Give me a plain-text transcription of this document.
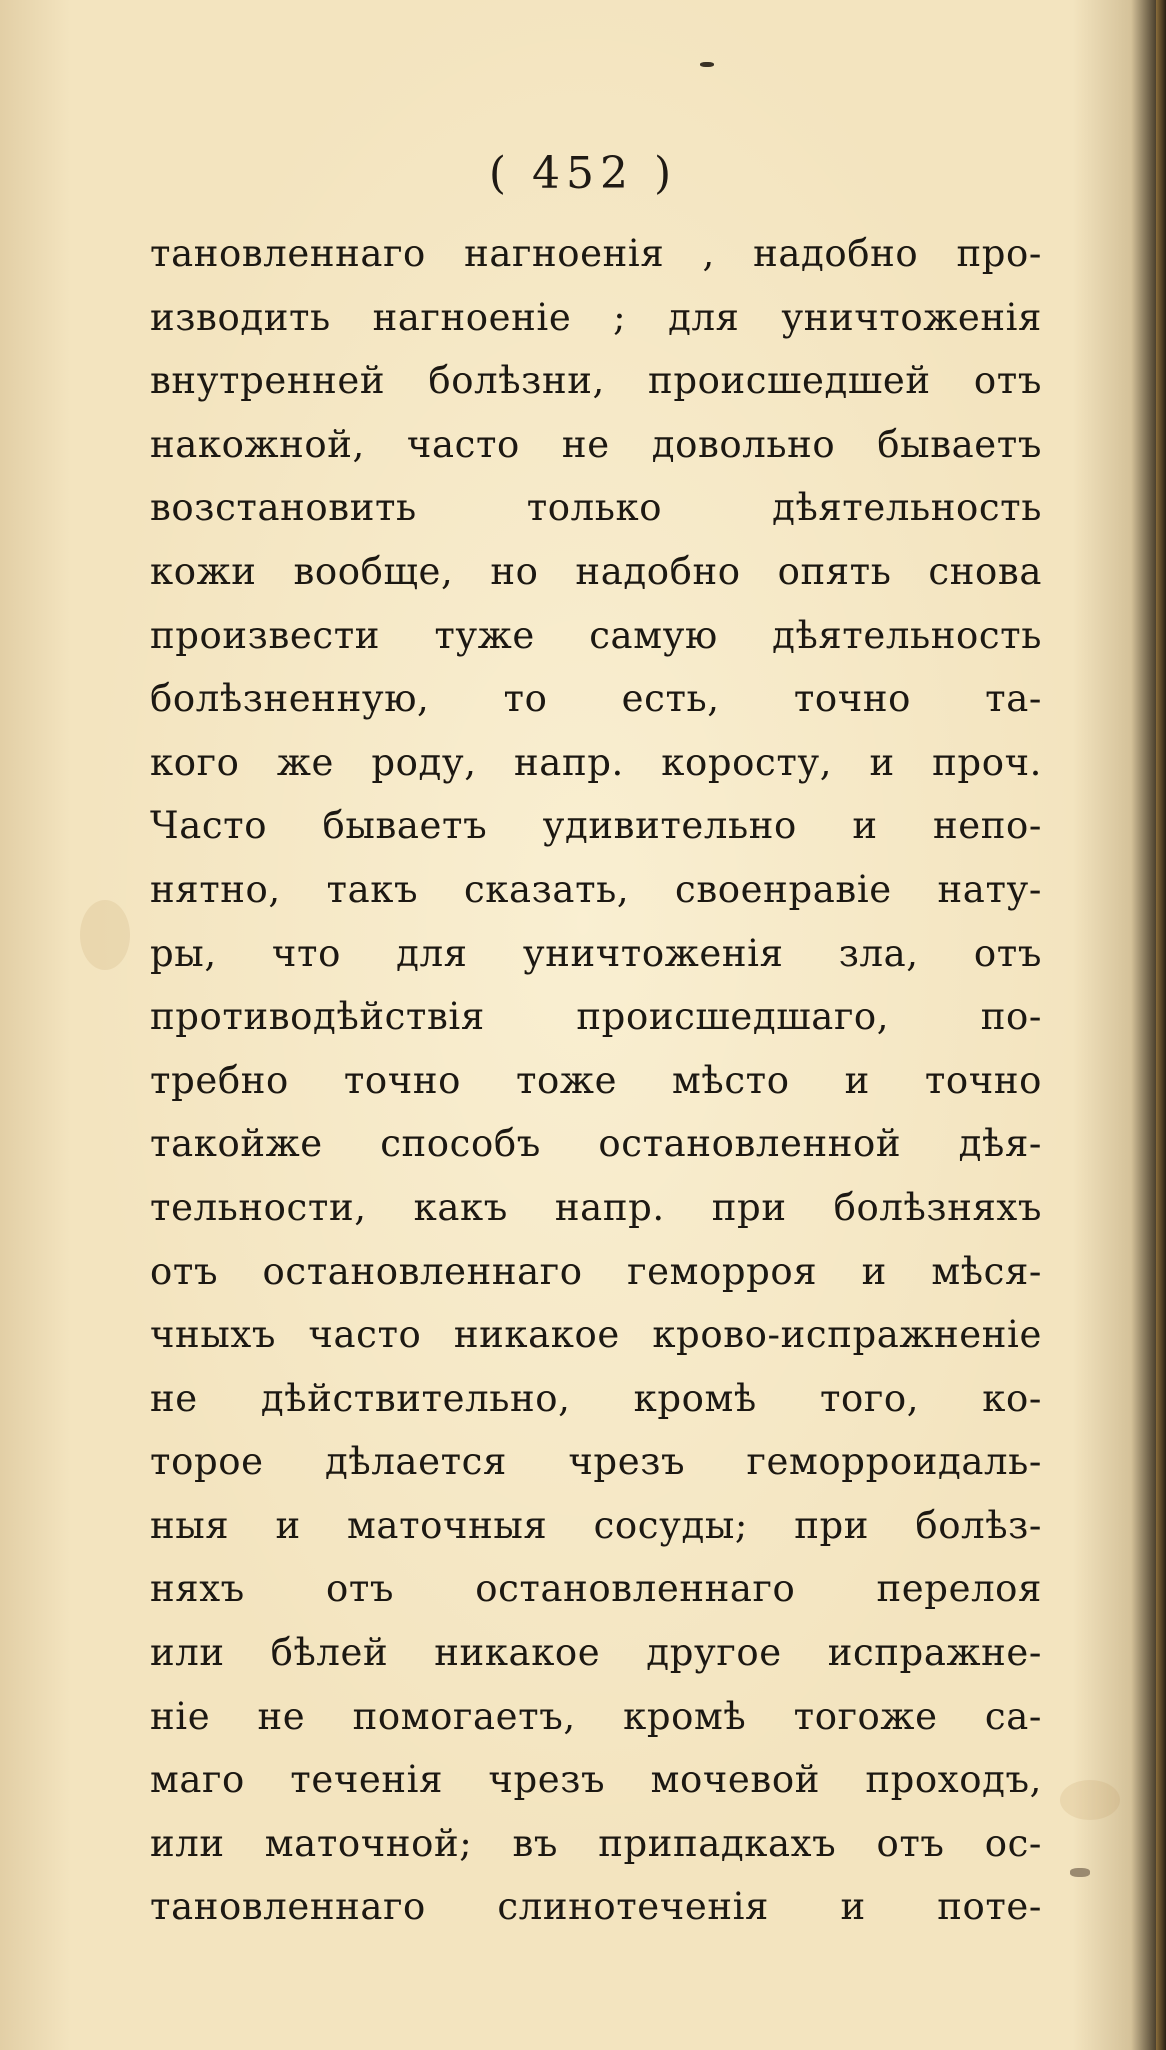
( 452 )
тановленнаго нагноенія , надобно про-
изводить нагноеніе ; для уничтоженія
внутренней болѣзни, происшедшей отъ
накожной, часто не довольно бываетъ
возстановить только дѣятельность
кожи вообще, но надобно опять снова
произвести туже самую дѣятельность
болѣзненную, то есть, точно та-
кого же роду, напр. коросту, и проч.
Часто бываетъ удивительно и непо-
нятно, такъ сказать, своенравіе нату-
ры, что для уничтоженія зла, отъ
противодѣйствія происшедшаго, по-
требно точно тоже мѣсто и точно
такойже способъ остановленной дѣя-
тельности, какъ напр. при болѣзняхъ
отъ остановленнаго геморроя и мѣся-
чныхъ часто никакое крово-испражненіе
не дѣйствительно, кромѣ того, ко-
торое дѣлается чрезъ геморроидаль-
ныя и маточныя сосуды; при болѣз-
няхъ отъ остановленнаго перелоя
или бѣлей никакое другое испражне-
ніе не помогаетъ, кромѣ тогоже са-
маго теченія чрезъ мочевой проходъ,
или маточной; въ припадкахъ отъ ос-
тановленнаго слинотеченія и поте-
